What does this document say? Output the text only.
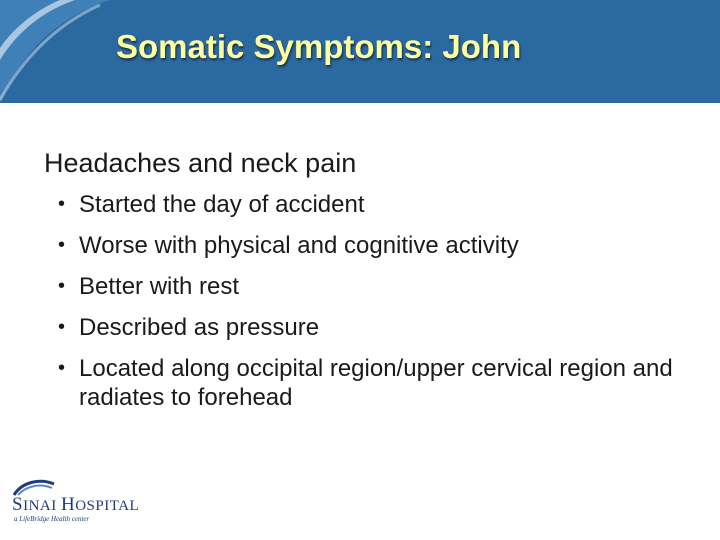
Somatic Symptoms: John
Headaches and neck pain
• Started the day of accident
• Worse with physical and cognitive activity
• Better with rest
• Described as pressure
• Located along occipital region/upper cervical region and radiates to forehead
SINAI HOSPITAL
a LifeBridge Health center
